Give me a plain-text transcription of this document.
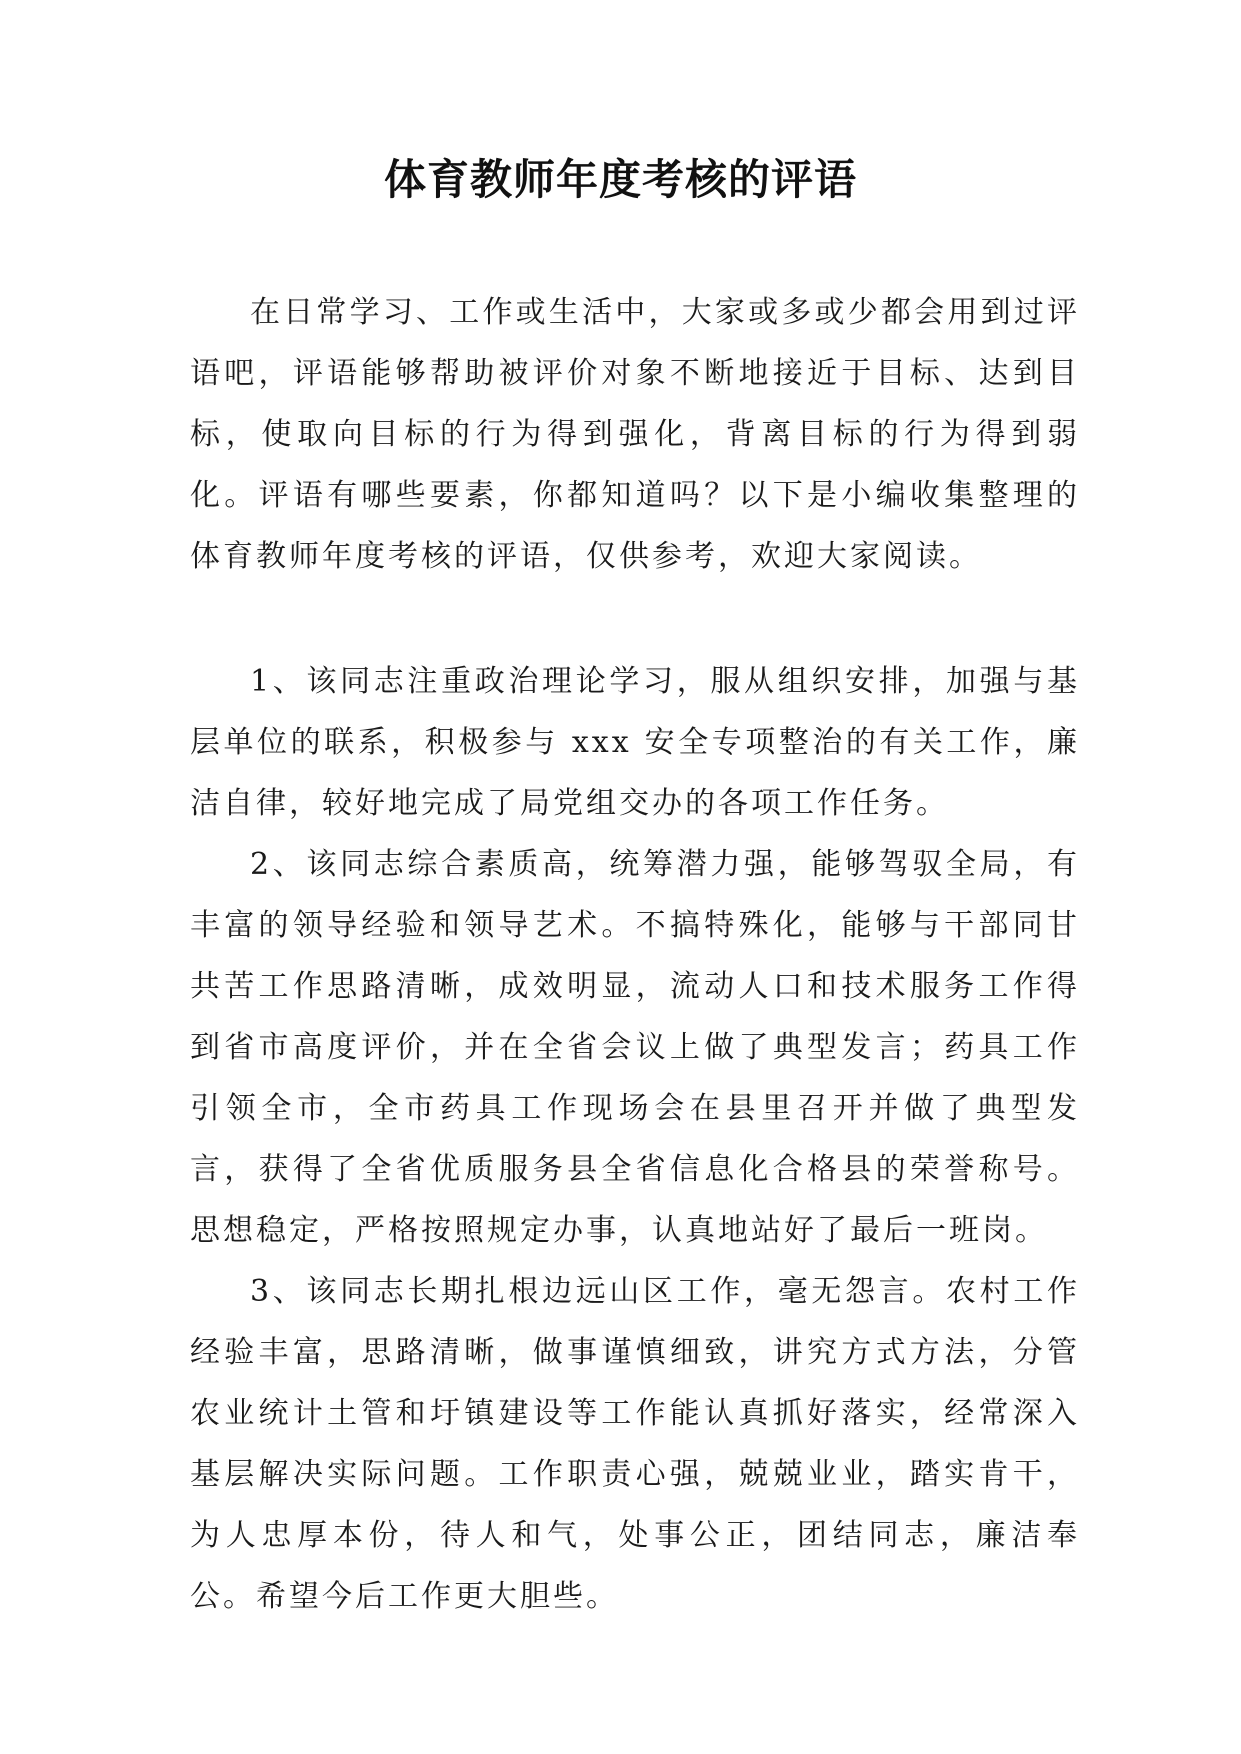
体育教师年度考核的评语

在日常学习、工作或生活中，大家或多或少都会用到过评语吧，评语能够帮助被评价对象不断地接近于目标、达到目标，使取向目标的行为得到强化，背离目标的行为得到弱化。评语有哪些要素，你都知道吗？以下是小编收集整理的体育教师年度考核的评语，仅供参考，欢迎大家阅读。

1、该同志注重政治理论学习，服从组织安排，加强与基层单位的联系，积极参与 xxx 安全专项整治的有关工作，廉洁自律，较好地完成了局党组交办的各项工作任务。

2、该同志综合素质高，统筹潜力强，能够驾驭全局，有丰富的领导经验和领导艺术。不搞特殊化，能够与干部同甘共苦工作思路清晰，成效明显，流动人口和技术服务工作得到省市高度评价，并在全省会议上做了典型发言；药具工作引领全市，全市药具工作现场会在县里召开并做了典型发言，获得了全省优质服务县全省信息化合格县的荣誉称号。思想稳定，严格按照规定办事，认真地站好了最后一班岗。

3、该同志长期扎根边远山区工作，毫无怨言。农村工作经验丰富，思路清晰，做事谨慎细致，讲究方式方法，分管农业统计土管和圩镇建设等工作能认真抓好落实，经常深入基层解决实际问题。工作职责心强，兢兢业业，踏实肯干，为人忠厚本份，待人和气，处事公正，团结同志，廉洁奉公。希望今后工作更大胆些。
